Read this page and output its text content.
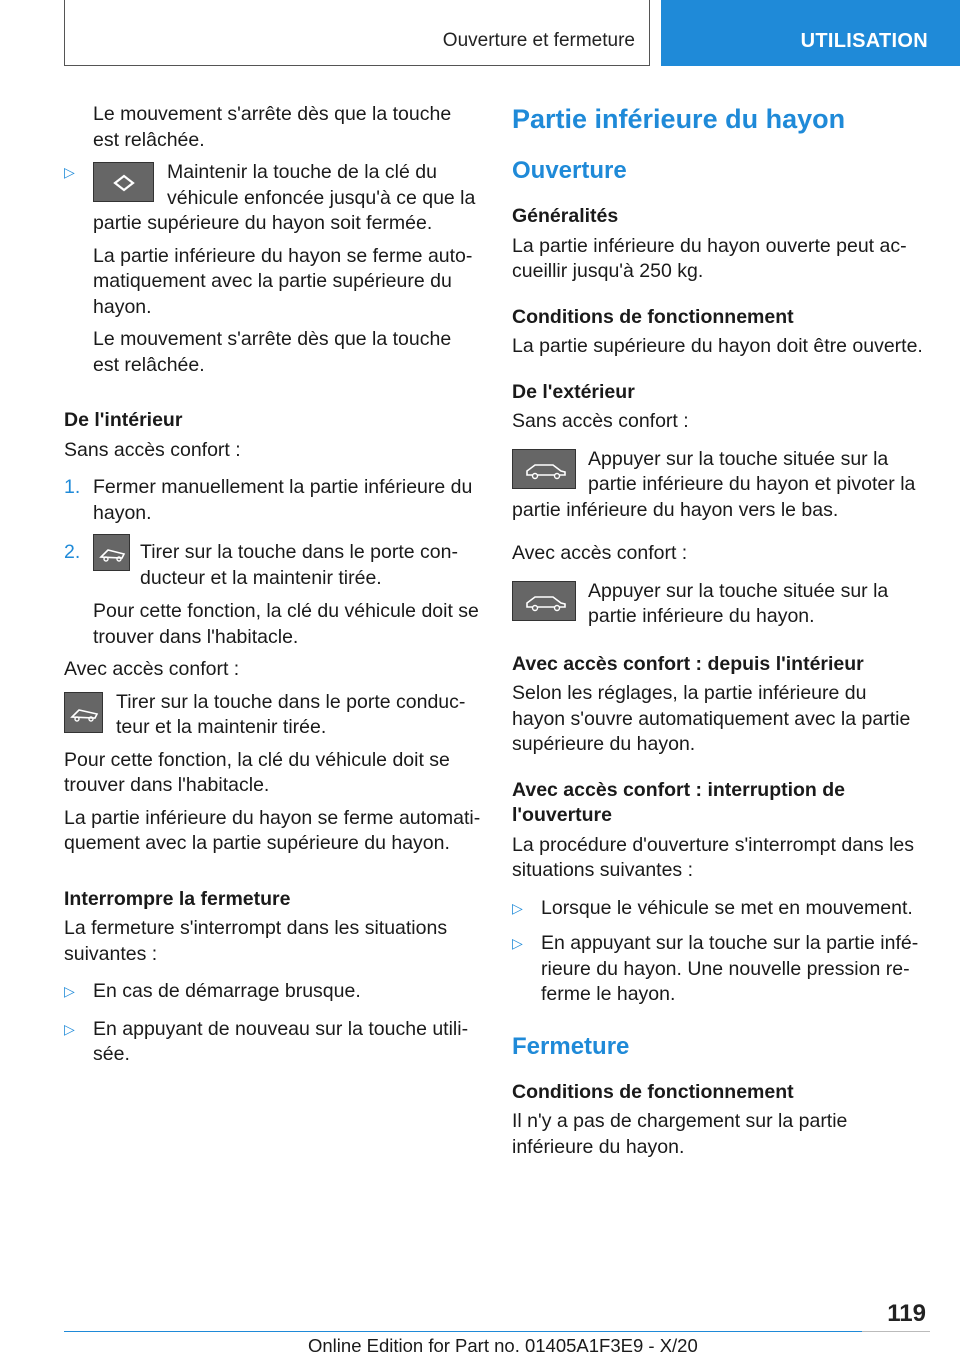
Ouverture et fermeture	UTILISATION

Le mouvement s'arrête dès que la touche est relâchée.

▷	Maintenir la touche de la clé du véhicule enfoncée jusqu'à ce que la partie supérieure du hayon soit fermée.

La partie inférieure du hayon se ferme automatiquement avec la partie supérieure du hayon.

Le mouvement s'arrête dès que la touche est relâchée.

De l'intérieur

Sans accès confort :

1. Fermer manuellement la partie inférieure du hayon.
2.	Tirer sur la touche dans le porte conducteur et la maintenir tirée.

Pour cette fonction, la clé du véhicule doit se trouver dans l'habitacle.

Avec accès confort :

Tirer sur la touche dans le porte conducteur et la maintenir tirée.

Pour cette fonction, la clé du véhicule doit se trouver dans l'habitacle.

La partie inférieure du hayon se ferme automatiquement avec la partie supérieure du hayon.

Interrompre la fermeture

La fermeture s'interrompt dans les situations suivantes :

▷ En cas de démarrage brusque.
▷ En appuyant de nouveau sur la touche utilisée.
Partie inférieure du hayon
Ouverture
Généralités

La partie inférieure du hayon ouverte peut accueillir jusqu'à 250 kg.

Conditions de fonctionnement

La partie supérieure du hayon doit être ouverte.

De l'extérieur

Sans accès confort :

Appuyer sur la touche située sur la partie inférieure du hayon et pivoter la partie inférieure du hayon vers le bas.

Avec accès confort :

Appuyer sur la touche située sur la partie inférieure du hayon.
Avec accès confort : depuis l'intérieur

Selon les réglages, la partie inférieure du hayon s'ouvre automatiquement avec la partie supérieure du hayon.

Avec accès confort : interruption de l'ouverture

La procédure d'ouverture s'interrompt dans les situations suivantes :

▷ Lorsque le véhicule se met en mouvement.
▷ En appuyant sur la touche sur la partie inférieure du hayon. Une nouvelle pression referme le hayon.
Fermeture
Conditions de fonctionnement

Il n'y a pas de chargement sur la partie inférieure du hayon.

119
Online Edition for Part no. 01405A1F3E9 - X/20
